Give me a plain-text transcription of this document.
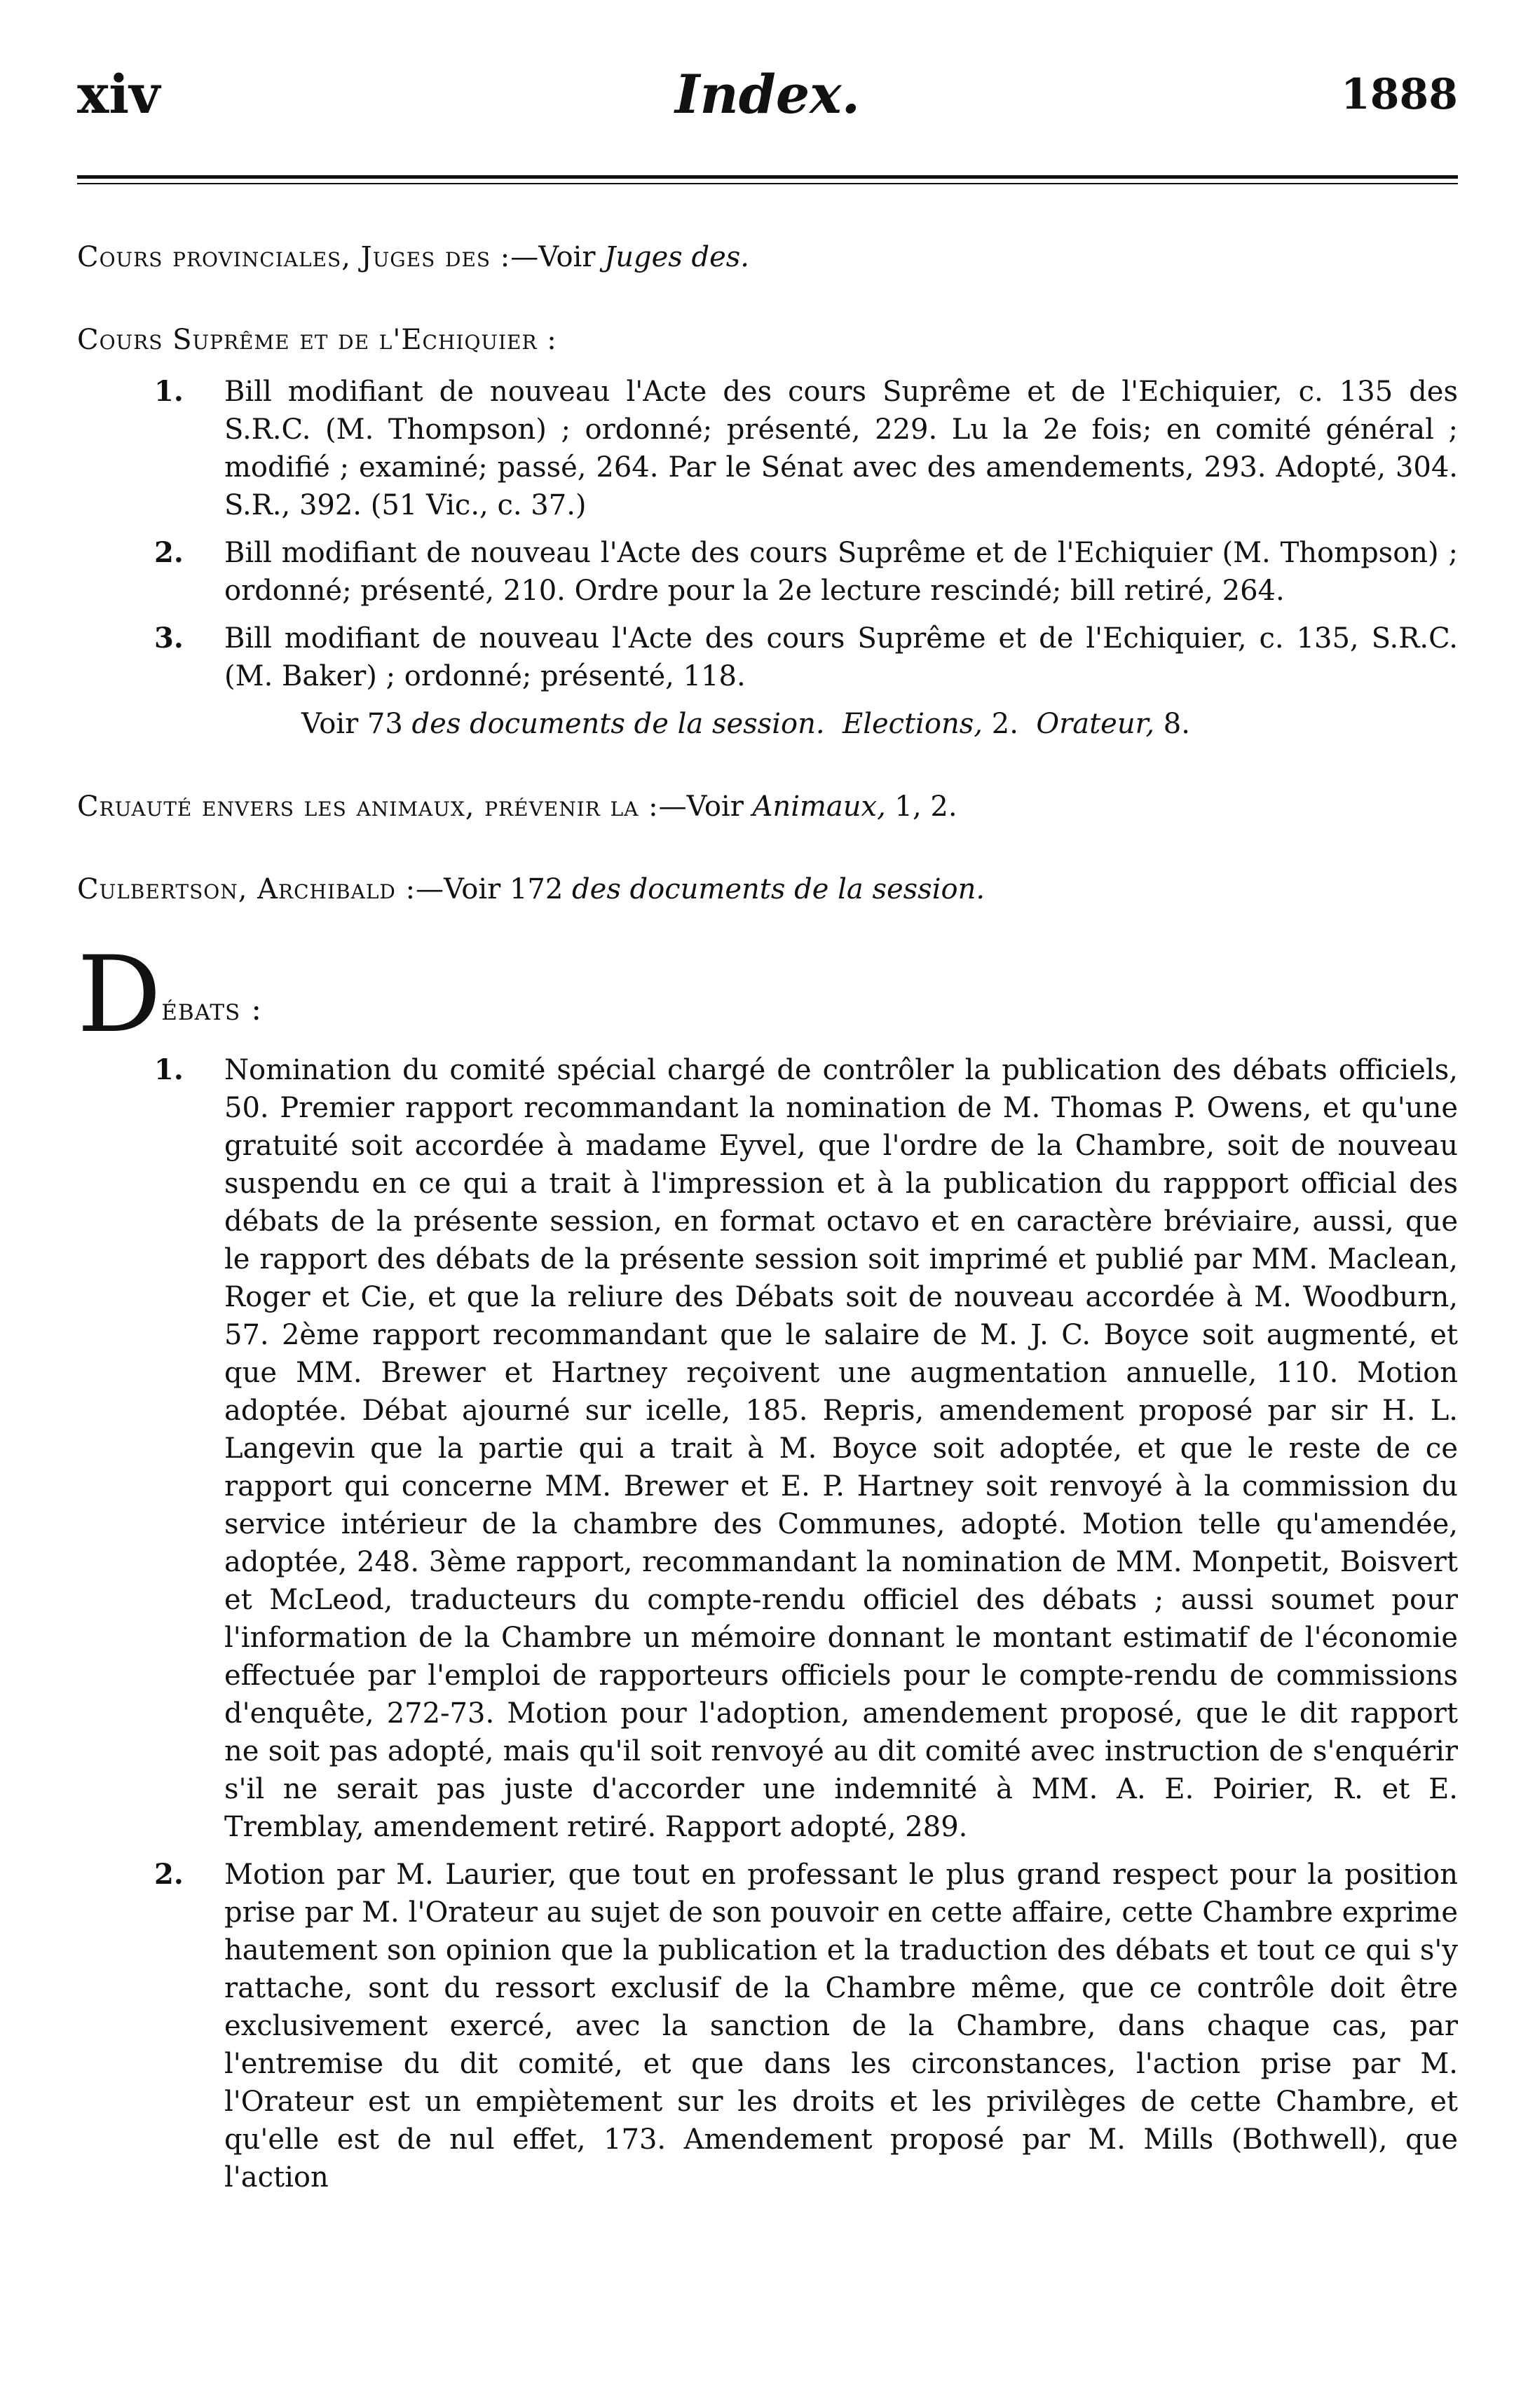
xiv	Index.	1888
Cours provinciales, Juges des :—Voir Juges des.
Cours Suprême et de l'Echiquier :
1. Bill modifiant de nouveau l'Acte des cours Suprême et de l'Echiquier, c. 135 des S.R.C. (M. Thompson) ; ordonné; présenté, 229. Lu la 2e fois; en comité général ; modifié ; examiné; passé, 264. Par le Sénat avec des amendements, 293. Adopté, 304. S.R., 392. (51 Vic., c. 37.)
2. Bill modifiant de nouveau l'Acte des cours Suprême et de l'Echiquier (M. Thompson) ; ordonné; présenté, 210. Ordre pour la 2e lecture rescindé; bill retiré, 264.
3. Bill modifiant de nouveau l'Acte des cours Suprême et de l'Echiquier, c. 135, S.R.C. (M. Baker) ; ordonné; présenté, 118.
Voir 73 des documents de la session. Elections, 2.  Orateur, 8.
Cruauté envers les animaux, prévenir la :—Voir Animaux, 1, 2.
Culbertson, Archibald :—Voir 172 des documents de la session.
Débats :
1. Nomination du comité spécial chargé de contrôler la publication des débats officiels, 50. Premier rapport recommandant la nomination de M. Thomas P. Owens, et qu'une gratuité soit accordée à madame Eyvel, que l'ordre de la Chambre, soit de nouveau suspendu en ce qui a trait à l'impression et à la publication du rappport official des débats de la présente session, en format octavo et en caractère bréviaire, aussi, que le rapport des débats de la présente session soit imprimé et publié par MM. Maclean, Roger et Cie, et que la reliure des Débats soit de nouveau accordée à M. Woodburn, 57. 2ème rapport recommandant que le salaire de M. J. C. Boyce soit augmenté, et que MM. Brewer et Hartney reçoivent une augmentation annuelle, 110. Motion adoptée. Débat ajourné sur icelle, 185. Repris, amendement proposé par sir H. L. Langevin que la partie qui a trait à M. Boyce soit adoptée, et que le reste de ce rapport qui concerne MM. Brewer et E. P. Hartney soit renvoyé à la commission du service intérieur de la chambre des Communes, adopté. Motion telle qu'amendée, adoptée, 248. 3ème rapport, recommandant la nomination de MM. Monpetit, Boisvert et McLeod, traducteurs du compte-rendu officiel des débats ; aussi soumet pour l'information de la Chambre un mémoire donnant le montant estimatif de l'économie effectuée par l'emploi de rapporteurs officiels pour le compte-rendu de commissions d'enquête, 272-73. Motion pour l'adoption, amendement proposé, que le dit rapport ne soit pas adopté, mais qu'il soit renvoyé au dit comité avec instruction de s'enquérir s'il ne serait pas juste d'accorder une indemnité à MM. A. E. Poirier, R. et E. Tremblay, amendement retiré. Rapport adopté, 289.
2. Motion par M. Laurier, que tout en professant le plus grand respect pour la position prise par M. l'Orateur au sujet de son pouvoir en cette affaire, cette Chambre exprime hautement son opinion que la publication et la traduction des débats et tout ce qui s'y rattache, sont du ressort exclusif de la Chambre même, que ce contrôle doit être exclusivement exercé, avec la sanction de la Chambre, dans chaque cas, par l'entremise du dit comité, et que dans les circonstances, l'action prise par M. l'Orateur est un empiètement sur les droits et les privilèges de cette Chambre, et qu'elle est de nul effet, 173. Amendement proposé par M. Mills (Bothwell), que l'action
